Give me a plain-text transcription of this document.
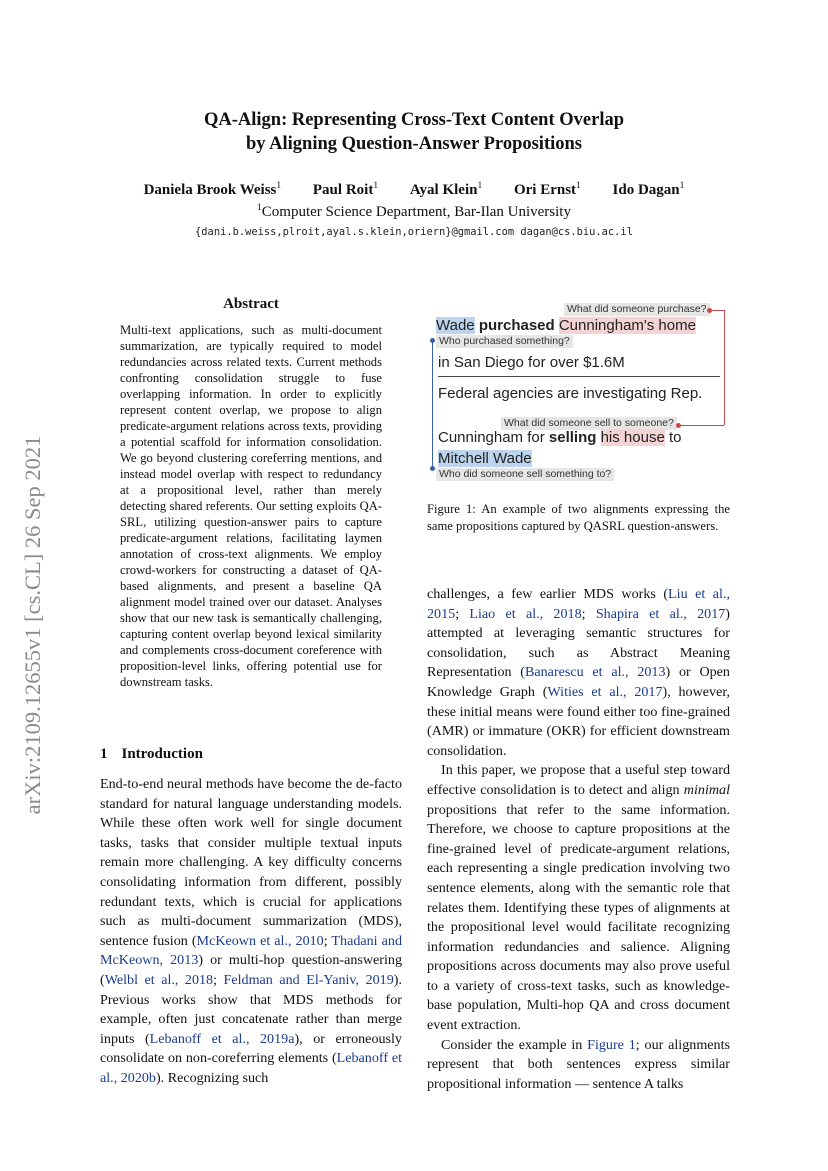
QA-Align: Representing Cross-Text Content Overlap
by Aligning Question-Answer Propositions
Daniela Brook Weiss$^1$ Paul Roit$^1$ Ayal Klein$^1$ Ori Ernst$^1$ Ido Dagan$^1$
$^1$Computer Science Department, Bar-Ilan University
{dani.b.weiss,plroit,ayal.s.klein,oriern}@gmail.com dagan@cs.biu.ac.il
arXiv:2109.12655v1 [cs.CL] 26 Sep 2021
Abstract
Multi-text applications, such as multi-document summarization, are typically required to model redundancies across related texts. Current methods confronting consolidation struggle to fuse overlapping information. In order to explicitly represent content overlap, we propose to align predicate-argument relations across texts, providing a potential scaffold for information consolidation. We go beyond clustering coreferring mentions, and instead model overlap with respect to redundancy at a propositional level, rather than merely detecting shared referents. Our setting exploits QA-SRL, utilizing question-answer pairs to capture predicate-argument relations, facilitating laymen annotation of cross-text alignments. We employ crowd-workers for constructing a dataset of QA-based alignments, and present a baseline QA alignment model trained over our dataset. Analyses show that our new task is semantically challenging, capturing content overlap beyond lexical similarity and complements cross-document coreference with proposition-level links, offering potential use for downstream tasks.
1 Introduction

End-to-end neural methods have become the de-facto standard for natural language understanding models. While these often work well for single document tasks, tasks that consider multiple textual inputs remain more challenging. A key difficulty concerns consolidating information from different, possibly redundant texts, which is crucial for applications such as multi-document summarization (MDS), sentence fusion (McKeown et al., 2010; Thadani and McKeown, 2013) or multi-hop question-answering (Welbl et al., 2018; Feldman and El-Yaniv, 2019). Previous works show that MDS methods for example, often just concatenate rather than merge inputs (Lebanoff et al., 2019a), or erroneously consolidate on non-coreferring elements (Lebanoff et al., 2020b). Recognizing such

What did someone purchase?
Wade purchased Cunningham's home
Who purchased something?
in San Diego for over $1.6M
Federal agencies are investigating Rep.
What did someone sell to someone?
Cunningham for selling his house to
Mitchell Wade
Who did someone sell something to?
Figure 1: An example of two alignments expressing the same propositions captured by QASRL question-answers.

challenges, a few earlier MDS works (Liu et al., 2015; Liao et al., 2018; Shapira et al., 2017) attempted at leveraging semantic structures for consolidation, such as Abstract Meaning Representation (Banarescu et al., 2013) or Open Knowledge Graph (Wities et al., 2017), however, these initial means were found either too fine-grained (AMR) or immature (OKR) for efficient downstream consolidation.

In this paper, we propose that a useful step toward effective consolidation is to detect and align minimal propositions that refer to the same information. Therefore, we choose to capture propositions at the fine-grained level of predicate-argument relations, each representing a single predication involving two sentence elements, along with the semantic role that relates them. Identifying these types of alignments at the propositional level would facilitate recognizing information redundancies and salience. Aligning propositions across documents may also prove useful to a variety of cross-text tasks, such as knowledge-base population, Multi-hop QA and cross document event extraction.

Consider the example in Figure 1; our alignments represent that both sentences express similar propositional information — sentence A talks
